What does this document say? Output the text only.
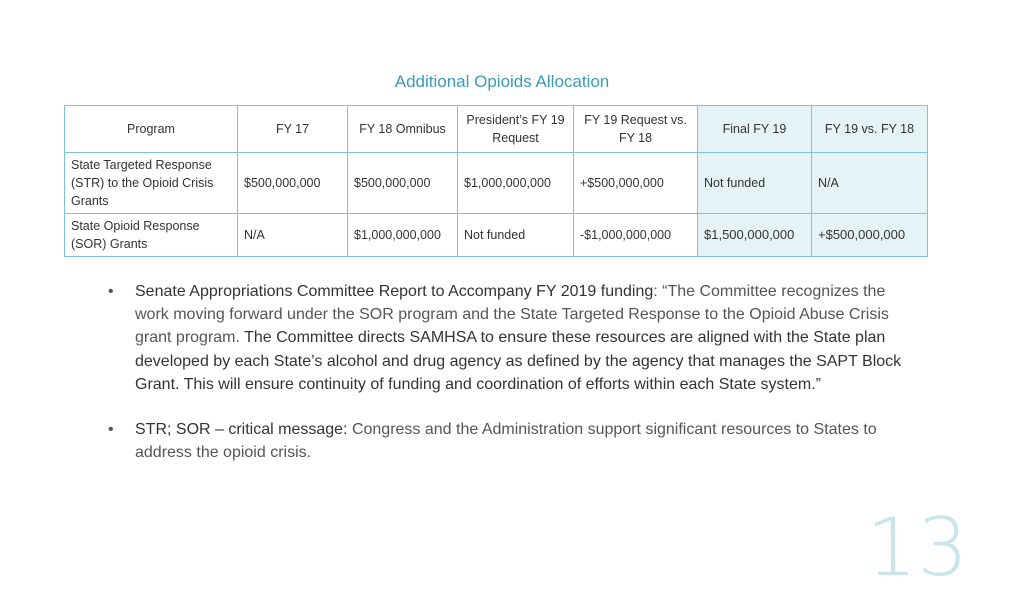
Additional Opioids Allocation
Program	FY 17	FY 18 Omnibus	President’s FY 19 Request	FY 19 Request vs. FY 18	Final FY 19	FY 19 vs. FY 18
State Targeted Response (STR) to the Opioid Crisis Grants	$500,000,000	$500,000,000	$1,000,000,000	+$500,000,000	Not funded	N/A
State Opioid Response (SOR) Grants	N/A	$1,000,000,000	Not funded	-$1,000,000,000	$1,500,000,000	+$500,000,000
• Senate Appropriations Committee Report to Accompany FY 2019 funding: “The Committee recognizes the work moving forward under the SOR program and the State Targeted Response to the Opioid Abuse Crisis grant program. The Committee directs SAMHSA to ensure these resources are aligned with the State plan developed by each State’s alcohol and drug agency as defined by the agency that manages the SAPT Block Grant. This will ensure continuity of funding and coordination of efforts within each State system.”
• STR; SOR – critical message: Congress and the Administration support significant resources to States to address the opioid crisis.
13
